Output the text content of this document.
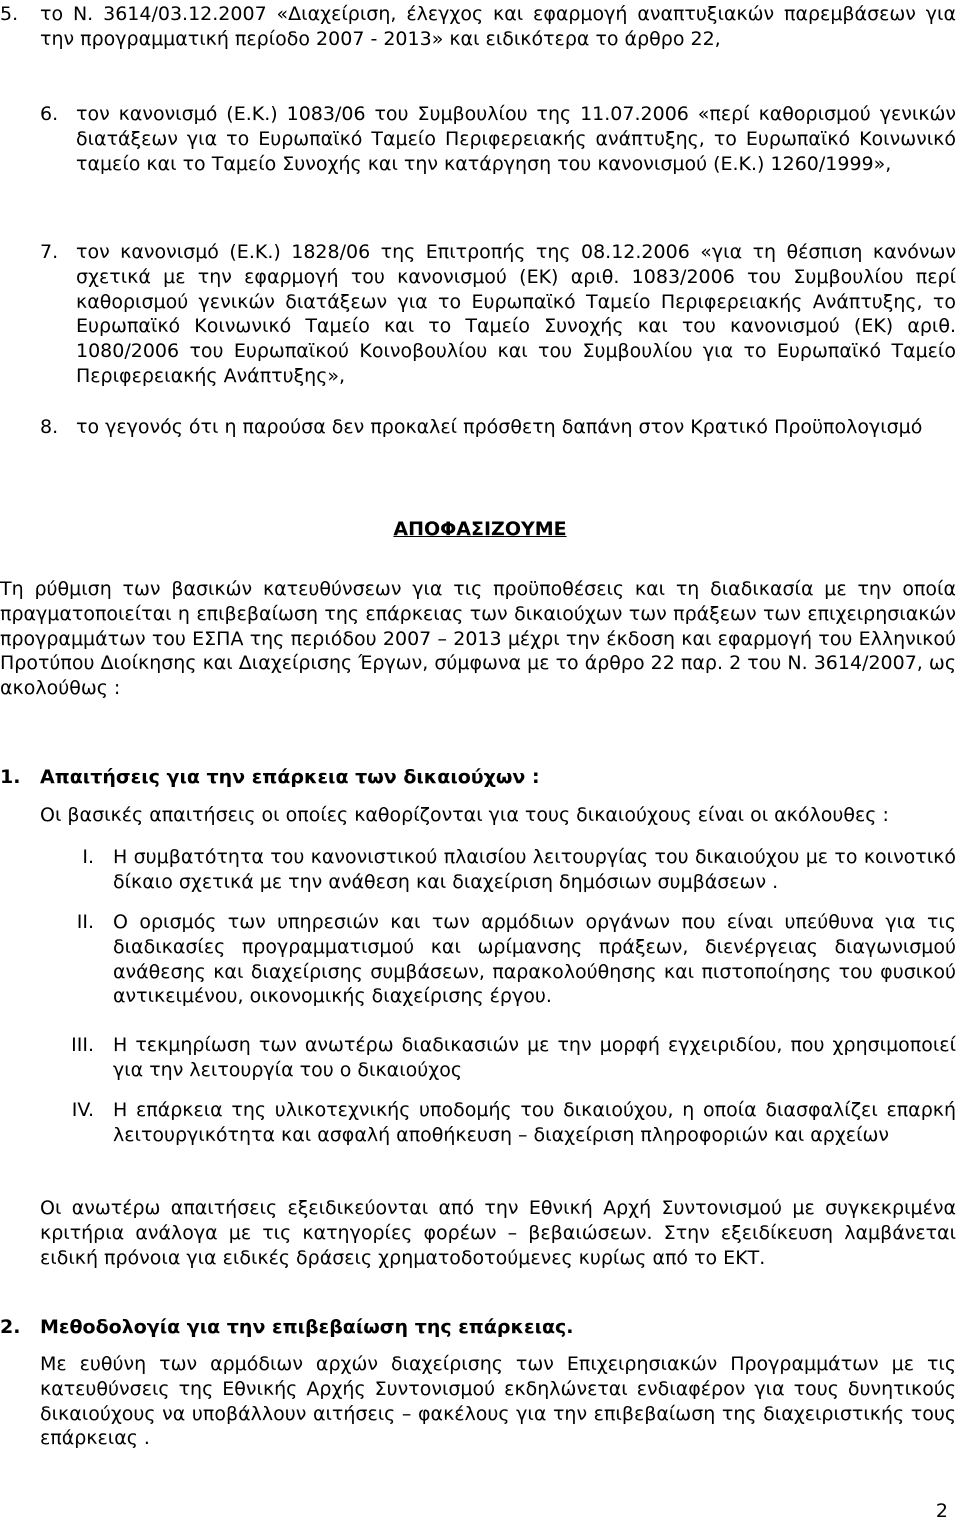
5. το Ν. 3614/03.12.2007 «Διαχείριση, έλεγχος και εφαρμογή αναπτυξιακών παρεμβάσεων για την προγραμματική περίοδο 2007 - 2013» και ειδικότερα το άρθρο 22,

6. τον κανονισμό (Ε.Κ.) 1083/06 του Συμβουλίου της 11.07.2006 «περί καθορισμού γενικών διατάξεων για το Ευρωπαϊκό Ταμείο Περιφερειακής ανάπτυξης, το Ευρωπαϊκό Κοινωνικό ταμείο και το Ταμείο Συνοχής και την κατάργηση του κανονισμού (Ε.Κ.) 1260/1999»,

7. τον κανονισμό (Ε.Κ.) 1828/06 της Επιτροπής της 08.12.2006 «για τη θέσπιση κανόνων σχετικά με την εφαρμογή του κανονισμού (ΕΚ) αριθ. 1083/2006 του Συμβουλίου περί καθορισμού γενικών διατάξεων για το Ευρωπαϊκό Ταμείο Περιφερειακής Ανάπτυξης, το Ευρωπαϊκό Κοινωνικό Ταμείο και το Ταμείο Συνοχής και του κανονισμού (ΕΚ) αριθ. 1080/2006 του Ευρωπαϊκού Κοινοβουλίου και του Συμβουλίου για το Ευρωπαϊκό Ταμείο Περιφερειακής Ανάπτυξης»,

8. το γεγονός ότι η παρούσα δεν προκαλεί πρόσθετη δαπάνη στον Κρατικό Προϋπολογισμό

ΑΠΟΦΑΣΙΖΟΥΜΕ

Τη ρύθμιση των βασικών κατευθύνσεων για τις προϋποθέσεις και τη διαδικασία με την οποία πραγματοποιείται η επιβεβαίωση της επάρκειας των δικαιούχων των πράξεων των επιχειρησιακών προγραμμάτων του ΕΣΠΑ της περιόδου 2007 – 2013 μέχρι την έκδοση και εφαρμογή του Ελληνικού Προτύπου Διοίκησης και Διαχείρισης Έργων, σύμφωνα με το άρθρο 22 παρ. 2 του Ν. 3614/2007, ως ακολούθως :

1. Απαιτήσεις για την επάρκεια των δικαιούχων :

Οι βασικές απαιτήσεις οι οποίες καθορίζονται για τους δικαιούχους είναι οι ακόλουθες :

I. Η συμβατότητα του κανονιστικού πλαισίου λειτουργίας του δικαιούχου με το κοινοτικό δίκαιο σχετικά με την ανάθεση και διαχείριση δημόσιων συμβάσεων .

II. Ο ορισμός των υπηρεσιών και των αρμόδιων οργάνων που είναι υπεύθυνα για τις διαδικασίες προγραμματισμού και ωρίμανσης πράξεων, διενέργειας διαγωνισμού ανάθεσης και διαχείρισης συμβάσεων, παρακολούθησης και πιστοποίησης του φυσικού αντικειμένου, οικονομικής διαχείρισης έργου.

III. Η τεκμηρίωση των ανωτέρω διαδικασιών με την μορφή εγχειριδίου, που χρησιμοποιεί για την λειτουργία του ο δικαιούχος

IV. Η επάρκεια της υλικοτεχνικής υποδομής του δικαιούχου, η οποία διασφαλίζει επαρκή λειτουργικότητα και ασφαλή αποθήκευση – διαχείριση πληροφοριών και αρχείων

Οι ανωτέρω απαιτήσεις εξειδικεύονται από την Εθνική Αρχή Συντονισμού με συγκεκριμένα κριτήρια ανάλογα με τις κατηγορίες φορέων – βεβαιώσεων. Στην εξειδίκευση λαμβάνεται ειδική πρόνοια για ειδικές δράσεις χρηματοδοτούμενες κυρίως από το ΕΚΤ.

2. Μεθοδολογία για την επιβεβαίωση της επάρκειας.

Με ευθύνη των αρμόδιων αρχών διαχείρισης των Επιχειρησιακών Προγραμμάτων με τις κατευθύνσεις της Εθνικής Αρχής Συντονισμού εκδηλώνεται ενδιαφέρον για τους δυνητικούς δικαιούχους να υποβάλλουν αιτήσεις – φακέλους για την επιβεβαίωση της διαχειριστικής τους επάρκειας .

2
